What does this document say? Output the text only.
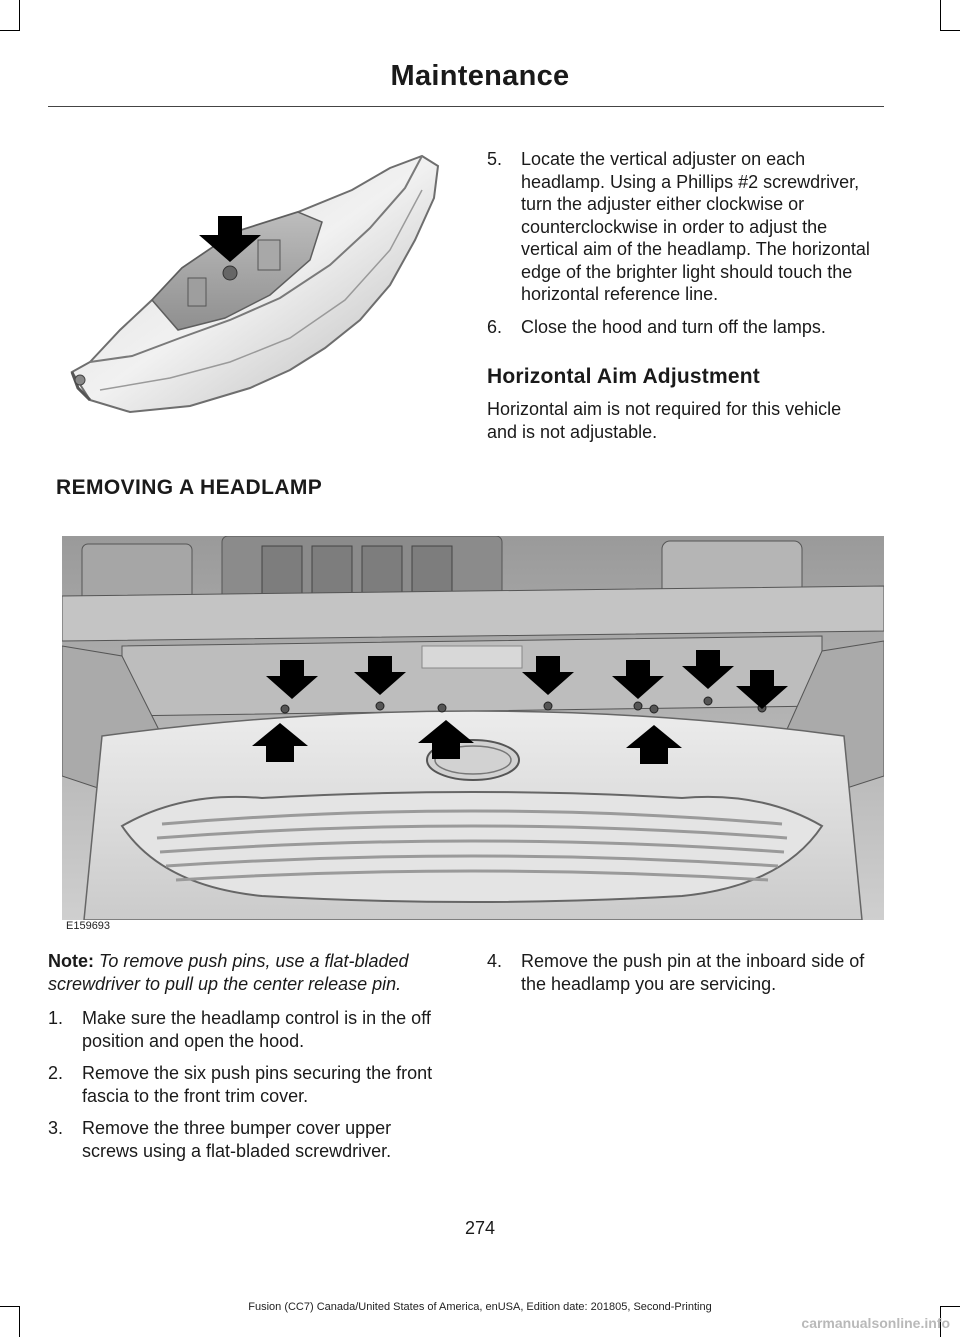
Maintenance
5. Locate the vertical adjuster on each headlamp. Using a Phillips #2 screwdriver, turn the adjuster either clockwise or counterclockwise in order to adjust the vertical aim of the headlamp. The horizontal edge of the brighter light should touch the horizontal reference line.
6. Close the hood and turn off the lamps.
Horizontal Aim Adjustment
Horizontal aim is not required for this vehicle and is not adjustable.
REMOVING A HEADLAMP
E159693
Note: To remove push pins, use a flat-bladed screwdriver to pull up the center release pin.
1. Make sure the headlamp control is in the off position and open the hood.
2. Remove the six push pins securing the front fascia to the front trim cover.
3. Remove the three bumper cover upper screws using a flat-bladed screwdriver.
4. Remove the push pin at the inboard side of the headlamp you are servicing.
274
Fusion (CC7) Canada/United States of America, enUSA, Edition date: 201805, Second-Printing
carmanualsonline.info
